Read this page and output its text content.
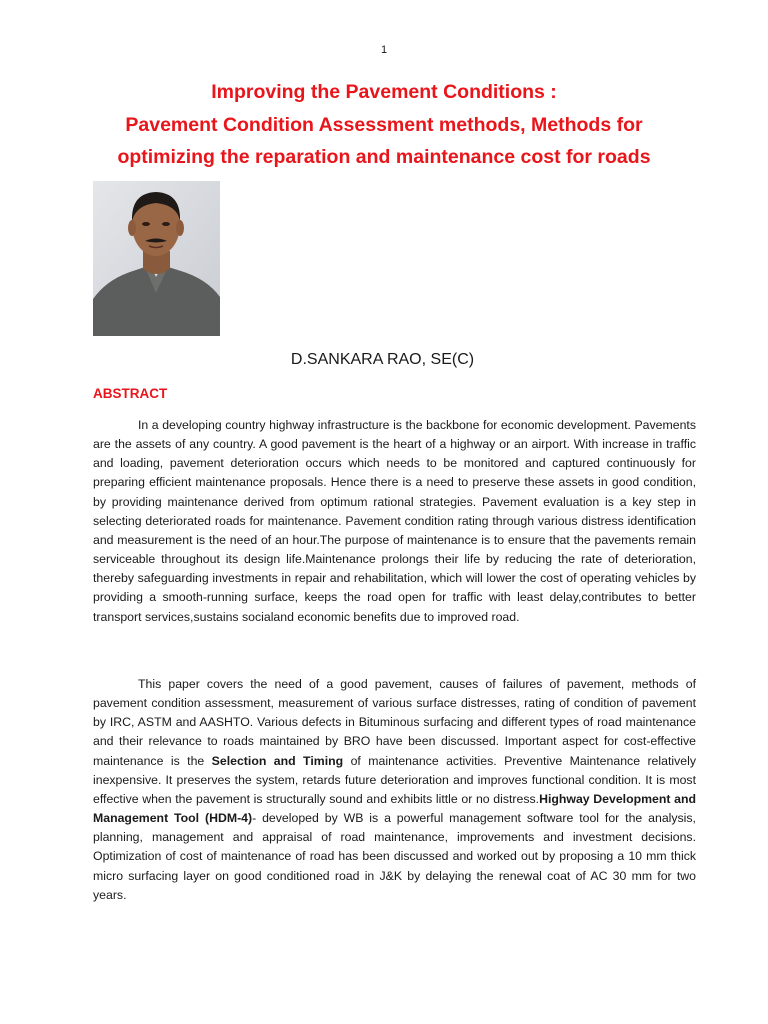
1
Improving the Pavement Conditions :
Pavement Condition Assessment methods, Methods for
optimizing the reparation and maintenance cost for roads
D.SANKARA RAO, SE(C)
ABSTRACT

In a developing country highway infrastructure is the backbone for economic development. Pavements are the assets of any country. A good pavement is the heart of a highway or an airport. With increase in traffic and loading, pavement deterioration occurs which needs to be monitored and captured continuously for preparing efficient maintenance proposals. Hence there is a need to preserve these assets in good condition, by providing maintenance derived from optimum rational strategies. Pavement evaluation is a key step in selecting deteriorated roads for maintenance. Pavement condition rating through various distress identification and measurement is the need of an hour.The purpose of maintenance is to ensure that the pavements remain serviceable throughout its design life.Maintenance prolongs their life by reducing the rate of deterioration, thereby safeguarding investments in repair and rehabilitation, which will lower the cost of operating vehicles by providing a smooth-running surface, keeps the road open for traffic with least delay,contributes to better transport services,sustains socialand economic benefits due to improved road.

This paper covers the need of a good pavement, causes of failures of pavement, methods of pavement condition assessment, measurement of various surface distresses, rating of condition of pavement by IRC, ASTM and AASHTO. Various defects in Bituminous surfacing and different types of road maintenance and their relevance to roads maintained by BRO have been discussed. Important aspect for cost-effective maintenance is the Selection and Timing of maintenance activities. Preventive Maintenance relatively inexpensive. It preserves the system, retards future deterioration and improves functional condition. It is most effective when the pavement is structurally sound and exhibits little or no distress.Highway Development and Management Tool (HDM-4)- developed by WB is a powerful management software tool for the analysis, planning, management and appraisal of road maintenance, improvements and investment decisions. Optimization of cost of maintenance of road has been discussed and worked out by proposing a 10 mm thick micro surfacing layer on good conditioned road in J&K by delaying the renewal coat of AC 30 mm for two years.
